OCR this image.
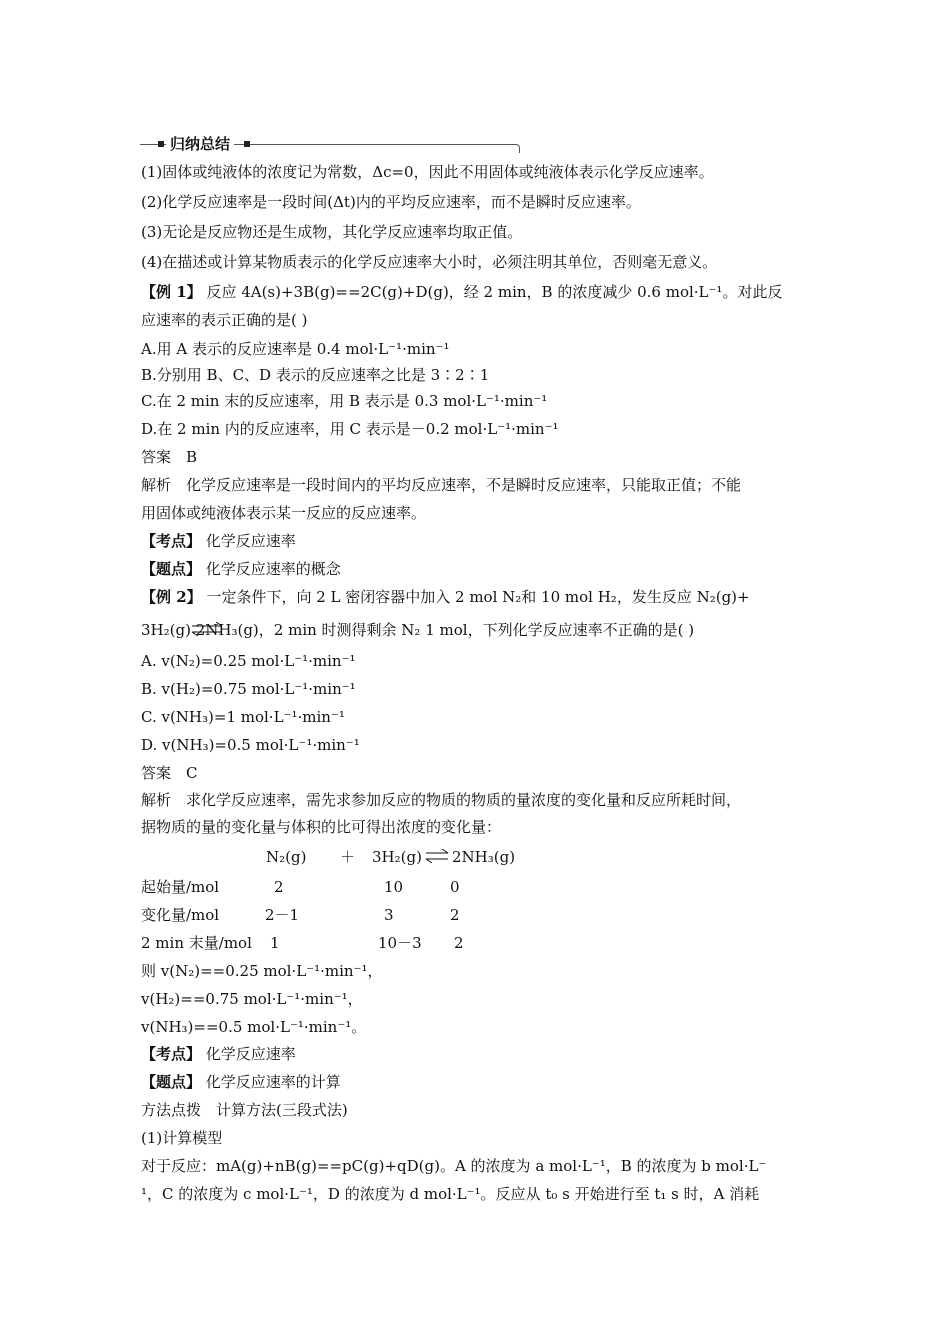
归纳总结
(1)固体或纯液体的浓度记为常数，Δc=0，因此不用固体或纯液体表示化学反应速率。
(2)化学反应速率是一段时间(Δt)内的平均反应速率，而不是瞬时反应速率。
(3)无论是反应物还是生成物，其化学反应速率均取正值。
(4)在描述或计算某物质表示的化学反应速率大小时，必须注明其单位，否则毫无意义。
【例 1】 反应 4A(s)+3B(g)==2C(g)+D(g)，经 2 min，B 的浓度减少 0.6 mol·L⁻¹。对此反
应速率的表示正确的是( )
A.用 A 表示的反应速率是 0.4 mol·L⁻¹·min⁻¹
B.分别用 B、C、D 表示的反应速率之比是 3∶2∶1
C.在 2 min 末的反应速率，用 B 表示是 0.3 mol·L⁻¹·min⁻¹
D.在 2 min 内的反应速率，用 C 表示是－0.2 mol·L⁻¹·min⁻¹
答案　B
解析　化学反应速率是一段时间内的平均反应速率，不是瞬时反应速率，只能取正值；不能
用固体或纯液体表示某一反应的反应速率。
【考点】 化学反应速率
【题点】 化学反应速率的概念
【例 2】 一定条件下，向 2 L 密闭容器中加入 2 mol N₂和 10 mol H₂，发生反应 N₂(g)+
3H₂(g) 2NH₃(g)，2 min 时测得剩余 N₂ 1 mol，下列化学反应速率不正确的是( )
A. v(N₂)=0.25 mol·L⁻¹·min⁻¹
B. v(H₂)=0.75 mol·L⁻¹·min⁻¹
C. v(NH₃)=1 mol·L⁻¹·min⁻¹
D. v(NH₃)=0.5 mol·L⁻¹·min⁻¹
答案　C
解析　求化学反应速率，需先求参加反应的物质的物质的量浓度的变化量和反应所耗时间，
据物质的量的变化量与体积的比可得出浓度的变化量：
N₂(g) ＋ 3H₂(g) 2NH₃(g)
起始量/mol	2	10	0
变化量/mol	2－1	3	2
2 min 末量/mol 1	10－3 2
则 v(N₂)==0.25 mol·L⁻¹·min⁻¹，
v(H₂)==0.75 mol·L⁻¹·min⁻¹，
v(NH₃)==0.5 mol·L⁻¹·min⁻¹。
【考点】 化学反应速率
【题点】 化学反应速率的计算
方法点拨　计算方法(三段式法)
(1)计算模型
对于反应：mA(g)+nB(g)==pC(g)+qD(g)。A 的浓度为 a mol·L⁻¹，B 的浓度为 b mol·L⁻
¹，C 的浓度为 c mol·L⁻¹，D 的浓度为 d mol·L⁻¹。反应从 t₀ s 开始进行至 t₁ s 时，A 消耗
